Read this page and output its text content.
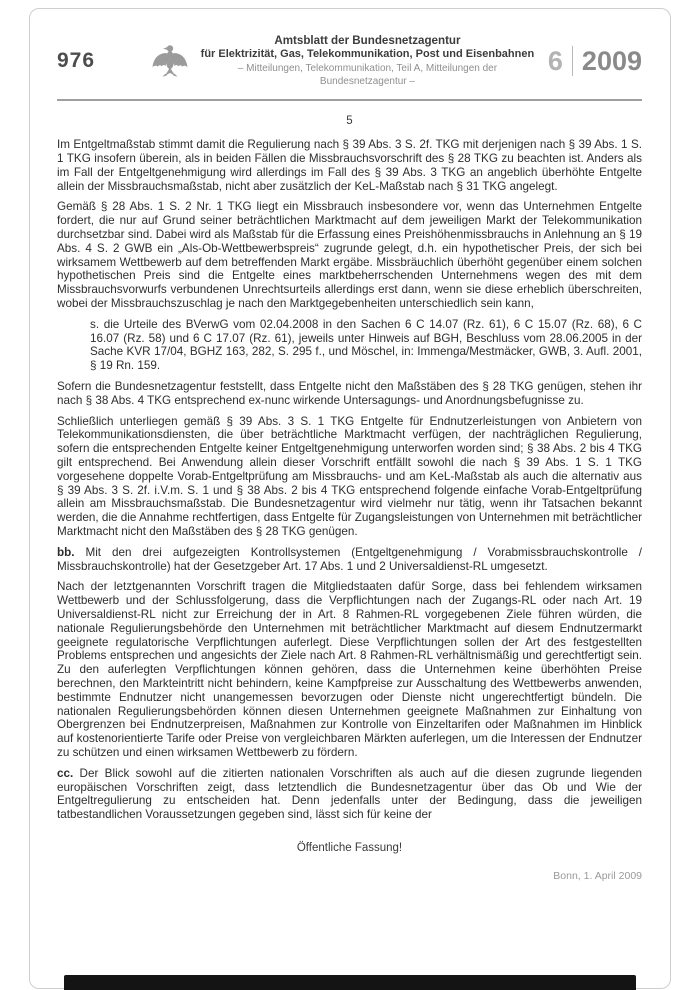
976
Amtsblatt der Bundesnetzagentur
für Elektrizität, Gas, Telekommunikation, Post und Eisenbahnen
– Mitteilungen, Telekommunikation, Teil A, Mitteilungen der Bundesnetzagentur –
6 2009
5

Im Entgeltmaßstab stimmt damit die Regulierung nach § 39 Abs. 3 S. 2f. TKG mit derjenigen nach § 39 Abs. 1 S. 1 TKG insofern überein, als in beiden Fällen die Missbrauchsvorschrift des § 28 TKG zu beachten ist. Anders als im Fall der Entgeltgenehmigung wird allerdings im Fall des § 39 Abs. 3 TKG an angeblich überhöhte Entgelte allein der Missbrauchsmaßstab, nicht aber zusätzlich der KeL-Maßstab nach § 31 TKG angelegt.

Gemäß § 28 Abs. 1 S. 2 Nr. 1 TKG liegt ein Missbrauch insbesondere vor, wenn das Unternehmen Entgelte fordert, die nur auf Grund seiner beträchtlichen Marktmacht auf dem jeweiligen Markt der Telekommunikation durchsetzbar sind. Dabei wird als Maßstab für die Erfassung eines Preishöhenmissbrauchs in Anlehnung an § 19 Abs. 4 S. 2 GWB ein „Als-Ob-Wettbewerbspreis“ zugrunde gelegt, d.h. ein hypothetischer Preis, der sich bei wirksamem Wettbewerb auf dem betreffenden Markt ergäbe. Missbräuchlich überhöht gegenüber einem solchen hypothetischen Preis sind die Entgelte eines marktbeherrschenden Unternehmens wegen des mit dem Missbrauchsvorwurfs verbundenen Unrechtsurteils allerdings erst dann, wenn sie diese erheblich überschreiten, wobei der Missbrauchszuschlag je nach den Marktgegebenheiten unterschiedlich sein kann,

s. die Urteile des BVerwG vom 02.04.2008 in den Sachen 6 C 14.07 (Rz. 61), 6 C 15.07 (Rz. 68), 6 C 16.07 (Rz. 58) und 6 C 17.07 (Rz. 61), jeweils unter Hinweis auf BGH, Beschluss vom 28.06.2005 in der Sache KVR 17/04, BGHZ 163, 282, S. 295 f., und Möschel, in: Immenga/Mestmäcker, GWB, 3. Aufl. 2001, § 19 Rn. 159.

Sofern die Bundesnetzagentur feststellt, dass Entgelte nicht den Maßstäben des § 28 TKG genügen, stehen ihr nach § 38 Abs. 4 TKG entsprechend ex-nunc wirkende Untersagungs- und Anordnungsbefugnisse zu.

Schließlich unterliegen gemäß § 39 Abs. 3 S. 1 TKG Entgelte für Endnutzerleistungen von Anbietern von Telekommunikationsdiensten, die über beträchtliche Marktmacht verfügen, der nachträglichen Regulierung, sofern die entsprechenden Entgelte keiner Entgeltgenehmigung unterworfen worden sind; § 38 Abs. 2 bis 4 TKG gilt entsprechend. Bei Anwendung allein dieser Vorschrift entfällt sowohl die nach § 39 Abs. 1 S. 1 TKG vorgesehene doppelte Vorab-Entgeltprüfung am Missbrauchs- und am KeL-Maßstab als auch die alternativ aus § 39 Abs. 3 S. 2f. i.V.m. S. 1 und § 38 Abs. 2 bis 4 TKG entsprechend folgende einfache Vorab-Entgeltprüfung allein am Missbrauchsmaßstab. Die Bundesnetzagentur wird vielmehr nur tätig, wenn ihr Tatsachen bekannt werden, die die Annahme rechtfertigen, dass Entgelte für Zugangsleistungen von Unternehmen mit beträchtlicher Marktmacht nicht den Maßstäben des § 28 TKG genügen.

bb. Mit den drei aufgezeigten Kontrollsystemen (Entgeltgenehmigung / Vorabmissbrauchskontrolle / Missbrauchskontrolle) hat der Gesetzgeber Art. 17 Abs. 1 und 2 Universaldienst-RL umgesetzt.

Nach der letztgenannten Vorschrift tragen die Mitgliedstaaten dafür Sorge, dass bei fehlendem wirksamen Wettbewerb und der Schlussfolgerung, dass die Verpflichtungen nach der Zugangs-RL oder nach Art. 19 Universaldienst-RL nicht zur Erreichung der in Art. 8 Rahmen-RL vorgegebenen Ziele führen würden, die nationale Regulierungsbehörde den Unternehmen mit beträchtlicher Marktmacht auf diesem Endnutzermarkt geeignete regulatorische Verpflichtungen auferlegt. Diese Verpflichtungen sollen der Art des festgestellten Problems entsprechen und angesichts der Ziele nach Art. 8 Rahmen-RL verhältnismäßig und gerechtfertigt sein. Zu den auferlegten Verpflichtungen können gehören, dass die Unternehmen keine überhöhten Preise berechnen, den Markteintritt nicht behindern, keine Kampfpreise zur Ausschaltung des Wettbewerbs anwenden, bestimmte Endnutzer nicht unangemessen bevorzugen oder Dienste nicht ungerechtfertigt bündeln. Die nationalen Regulierungsbehörden können diesen Unternehmen geeignete Maßnahmen zur Einhaltung von Obergrenzen bei Endnutzerpreisen, Maßnahmen zur Kontrolle von Einzeltarifen oder Maßnahmen im Hinblick auf kostenorientierte Tarife oder Preise von vergleichbaren Märkten auferlegen, um die Interessen der Endnutzer zu schützen und einen wirksamen Wettbewerb zu fördern.

cc. Der Blick sowohl auf die zitierten nationalen Vorschriften als auch auf die diesen zugrunde liegenden europäischen Vorschriften zeigt, dass letztendlich die Bundesnetzagentur über das Ob und Wie der Entgeltregulierung zu entscheiden hat. Denn jedenfalls unter der Bedingung, dass die jeweiligen tatbestandlichen Voraussetzungen gegeben sind, lässt sich für keine der

Öffentliche Fassung!
Bonn, 1. April 2009
